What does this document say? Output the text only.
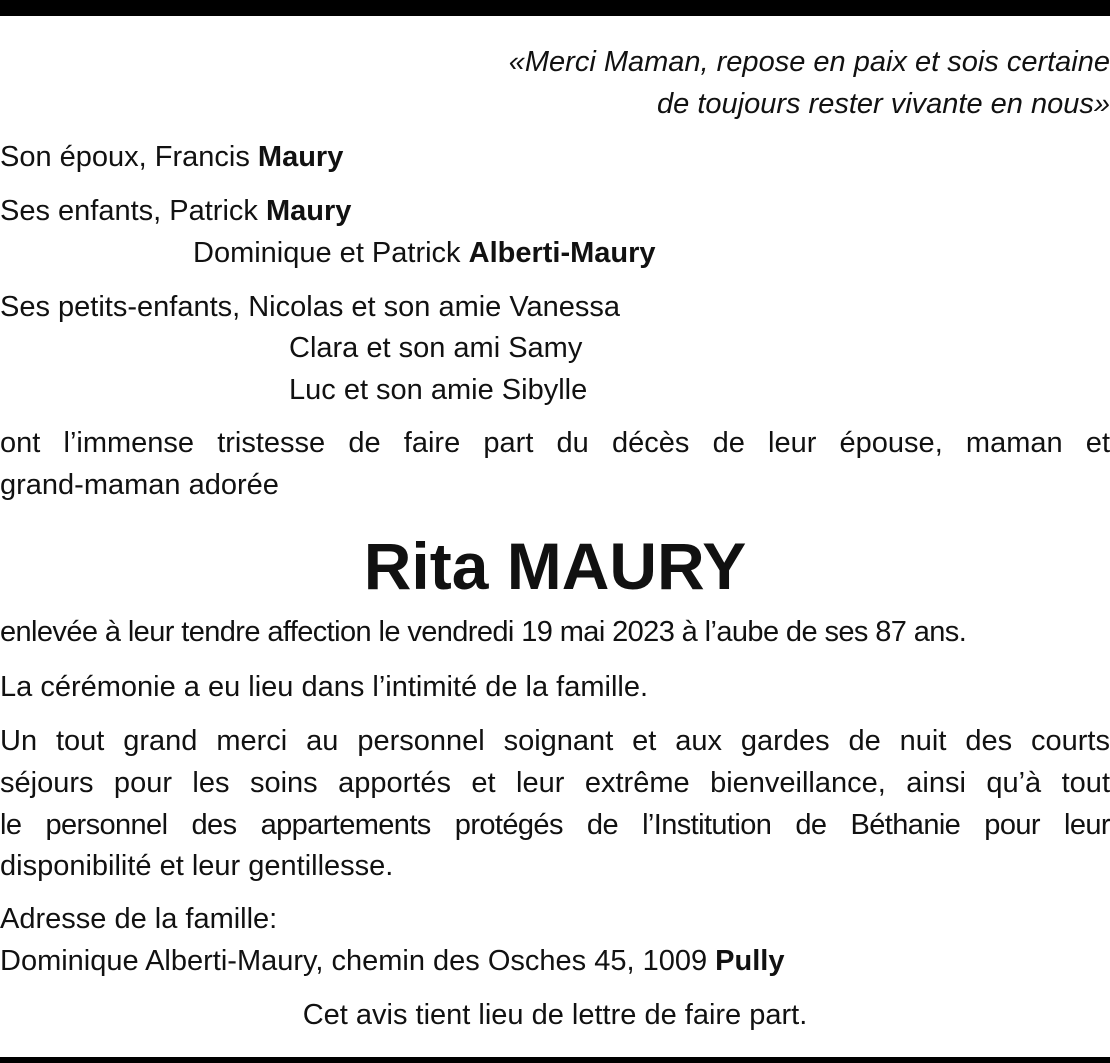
«Merci Maman, repose en paix et sois certaine

de toujours rester vivante en nous»

Son époux, Francis Maury

Ses enfants, Patrick Maury

Dominique et Patrick Alberti-Maury

Ses petits-enfants, Nicolas et son amie Vanessa

Clara et son ami Samy

Luc et son amie Sibylle

ont l’immense tristesse de faire part du décès de leur épouse, maman et

grand-maman adorée

Rita MAURY

enlevée à leur tendre affection le vendredi 19 mai 2023 à l’aube de ses 87 ans.

La cérémonie a eu lieu dans l’intimité de la famille.

Un tout grand merci au personnel soignant et aux gardes de nuit des courts

séjours pour les soins apportés et leur extrême bienveillance, ainsi qu’à tout

le personnel des appartements protégés de l’Institution de Béthanie pour leur

disponibilité et leur gentillesse.

Adresse de la famille:

Dominique Alberti-Maury, chemin des Osches 45, 1009 Pully

Cet avis tient lieu de lettre de faire part.
